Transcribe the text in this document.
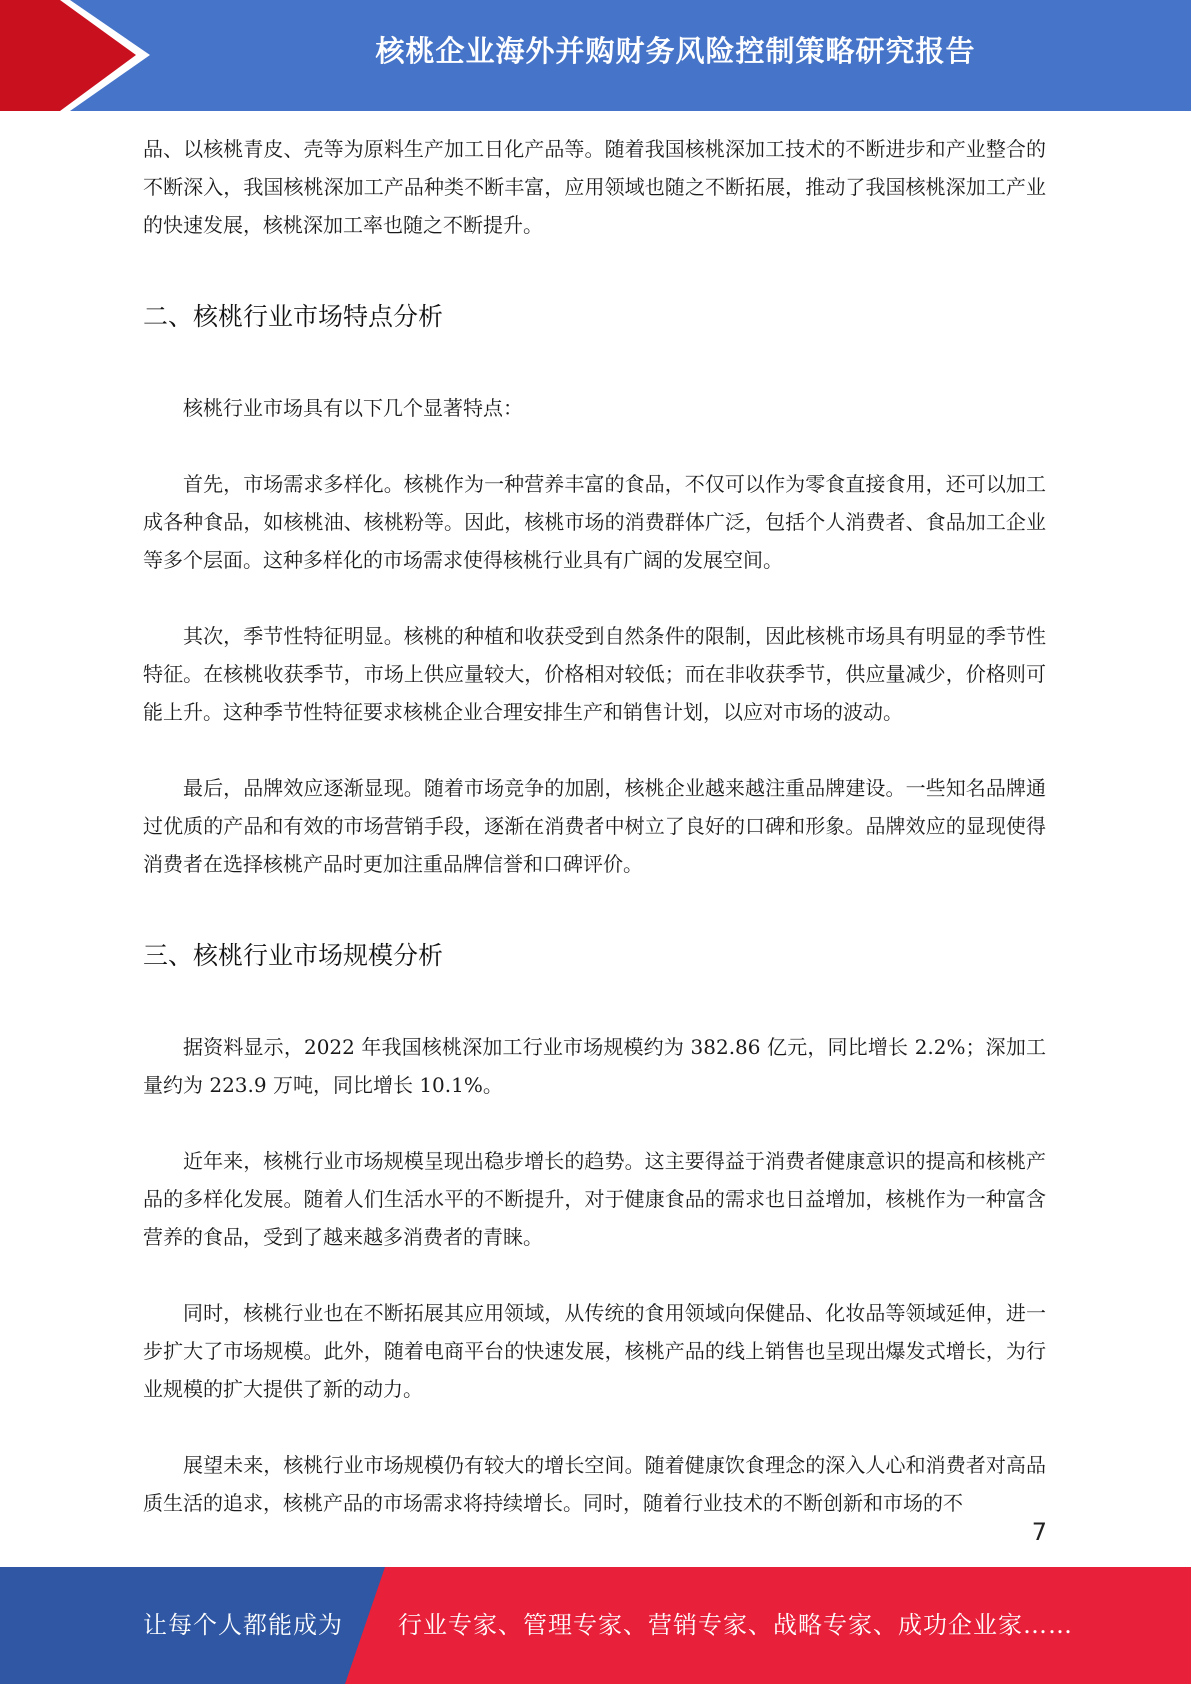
核桃企业海外并购财务风险控制策略研究报告

品、以核桃青皮、壳等为原料生产加工日化产品等。随着我国核桃深加工技术的不断进步和产业整合的不断深入，我国核桃深加工产品种类不断丰富，应用领域也随之不断拓展，推动了我国核桃深加工产业的快速发展，核桃深加工率也随之不断提升。

二、核桃行业市场特点分析

核桃行业市场具有以下几个显著特点：

首先，市场需求多样化。核桃作为一种营养丰富的食品，不仅可以作为零食直接食用，还可以加工成各种食品，如核桃油、核桃粉等。因此，核桃市场的消费群体广泛，包括个人消费者、食品加工企业等多个层面。这种多样化的市场需求使得核桃行业具有广阔的发展空间。

其次，季节性特征明显。核桃的种植和收获受到自然条件的限制，因此核桃市场具有明显的季节性特征。在核桃收获季节，市场上供应量较大，价格相对较低；而在非收获季节，供应量减少，价格则可能上升。这种季节性特征要求核桃企业合理安排生产和销售计划，以应对市场的波动。

最后，品牌效应逐渐显现。随着市场竞争的加剧，核桃企业越来越注重品牌建设。一些知名品牌通过优质的产品和有效的市场营销手段，逐渐在消费者中树立了良好的口碑和形象。品牌效应的显现使得消费者在选择核桃产品时更加注重品牌信誉和口碑评价。

三、核桃行业市场规模分析

据资料显示，2022 年我国核桃深加工行业市场规模约为 382.86 亿元，同比增长 2.2%；深加工量约为 223.9 万吨，同比增长 10.1%。

近年来，核桃行业市场规模呈现出稳步增长的趋势。这主要得益于消费者健康意识的提高和核桃产品的多样化发展。随着人们生活水平的不断提升，对于健康食品的需求也日益增加，核桃作为一种富含营养的食品，受到了越来越多消费者的青睐。

同时，核桃行业也在不断拓展其应用领域，从传统的食用领域向保健品、化妆品等领域延伸，进一步扩大了市场规模。此外，随着电商平台的快速发展，核桃产品的线上销售也呈现出爆发式增长，为行业规模的扩大提供了新的动力。

展望未来，核桃行业市场规模仍有较大的增长空间。随着健康饮食理念的深入人心和消费者对高品质生活的追求，核桃产品的市场需求将持续增长。同时，随着行业技术的不断创新和市场的不

7
让每个人都能成为 行业专家、管理专家、营销专家、战略专家、成功企业家……
